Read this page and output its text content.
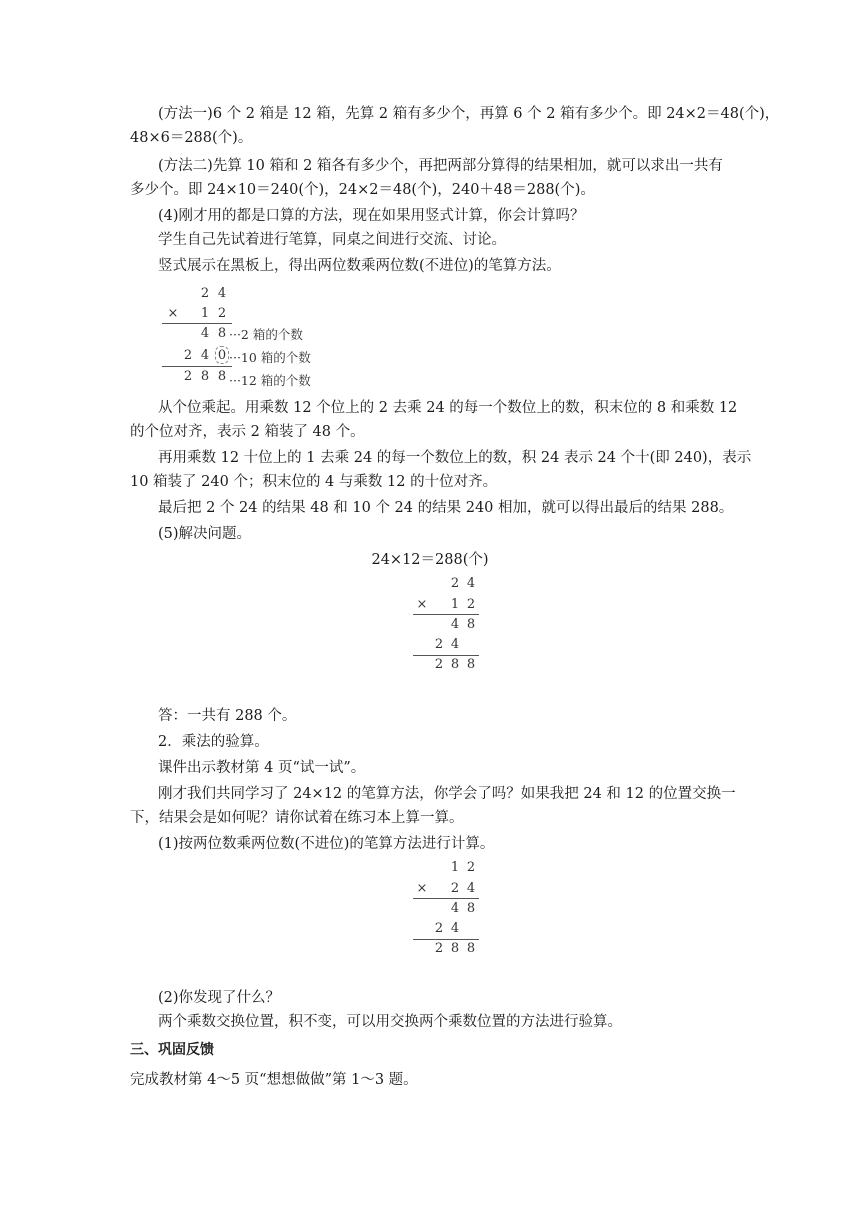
(方法一)6 个 2 箱是 12 箱，先算 2 箱有多少个，再算 6 个 2 箱有多少个。即 24×2＝48(个)，
48×6＝288(个)。
(方法二)先算 10 箱和 2 箱各有多少个，再把两部分算得的结果相加，就可以求出一共有
多少个。即 24×10＝240(个)，24×2＝48(个)，240＋48＝288(个)。
(4)刚才用的都是口算的方法，现在如果用竖式计算，你会计算吗？
学生自己先试着进行笔算，同桌之间进行交流、讨论。
竖式展示在黑板上，得出两位数乘两位数(不进位)的笔算方法。
2 4
× 1 2
4 8 ···2 箱的个数
2 4 0 ···10 箱的个数
2 8 8 ···12 箱的个数
从个位乘起。用乘数 12 个位上的 2 去乘 24 的每一个数位上的数，积末位的 8 和乘数 12
的个位对齐，表示 2 箱装了 48 个。
再用乘数 12 十位上的 1 去乘 24 的每一个数位上的数，积 24 表示 24 个十(即 240)，表示
10 箱装了 240 个；积末位的 4 与乘数 12 的十位对齐。
最后把 2 个 24 的结果 48 和 10 个 24 的结果 240 相加，就可以得出最后的结果 288。
(5)解决问题。
24×12＝288(个)
2 4
× 1 2
4 8
2 4
2 8 8
答：一共有 288 个。
2．乘法的验算。
课件出示教材第 4 页“试一试”。
刚才我们共同学习了 24×12 的笔算方法，你学会了吗？如果我把 24 和 12 的位置交换一
下，结果会是如何呢？请你试着在练习本上算一算。
(1)按两位数乘两位数(不进位)的笔算方法进行计算。
1 2
× 2 4
4 8
2 4
2 8 8
(2)你发现了什么？
两个乘数交换位置，积不变，可以用交换两个乘数位置的方法进行验算。
三、巩固反馈
完成教材第 4～5 页“想想做做”第 1～3 题。
